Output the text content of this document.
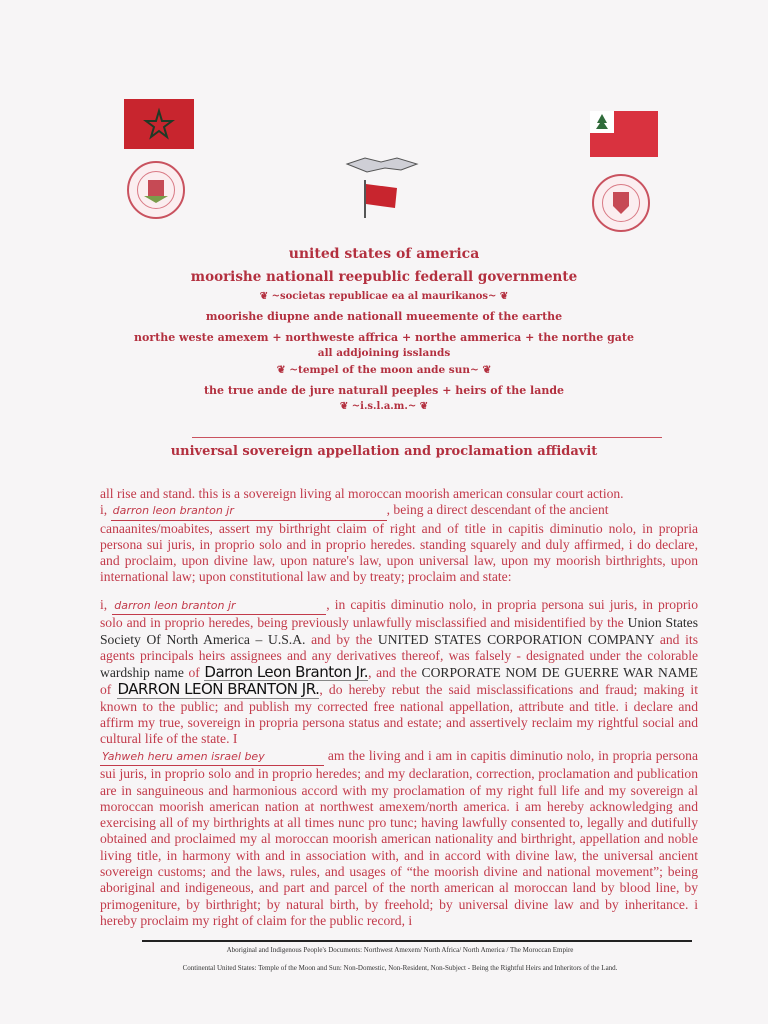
united states of america
moorishe nationall reepublic federall governmente
❦ ~societas republicae ea al maurikanos~ ❦
moorishe diupne ande nationall mueemente of the earthe
northe weste amexem + northweste affrica + northe ammerica + the northe gate
all addjoining isslands
❦ ~tempel of the moon ande sun~ ❦
the true ande de jure naturall peeples + heirs of the lande
❦ ~i.s.l.a.m.~ ❦
universal sovereign appellation and proclamation affidavit
all rise and stand. this is a sovereign living al moroccan moorish american consular court action.
i, darron leon branton jr	, being a direct descendant of the ancient
canaanites/moabites, assert my birthright claim of right and of title in capitis diminutio nolo, in propria persona sui juris, in proprio solo and in proprio heredes. standing squarely and duly affirmed, i do declare, and proclaim, upon divine law, upon nature's law, upon universal law, upon my moorish birthrights, upon international law; upon constitutional law and by treaty; proclaim and state:
i, darron leon branton jr	, in capitis diminutio nolo, in propria persona sui juris, in proprio solo and in proprio heredes, being previously unlawfully misclassified and misidentified by the Union States Society Of North America – U.S.A. and by the UNITED STATES CORPORATION COMPANY and its agents principals heirs assignees and any derivatives thereof, was falsely - designated under the colorable wardship name of Darron Leon Branton Jr., and the CORPORATE NOM DE GUERRE WAR NAME of DARRON LEON BRANTON JR., do hereby rebut the said misclassifications and fraud; making it known to the public; and publish my corrected free national appellation, attribute and title. i declare and affirm my true, sovereign in propria persona status and estate; and assertively reclaim my rightful social and cultural life of the state. I
Yahweh heru amen israel bey	am the living and i am in capitis diminutio nolo, in propria persona sui juris, in proprio solo and in proprio heredes; and my declaration, correction, proclamation and publication are in sanguineous and harmonious accord with my proclamation of my right full life and my sovereign al moroccan moorish american nation at northwest amexem/north america. i am hereby acknowledging and exercising all of my birthrights at all times nunc pro tunc; having lawfully consented to, legally and dutifully obtained and proclaimed my al moroccan moorish american nationality and birthright, appellation and noble living title, in harmony with and in association with, and in accord with divine law, the universal ancient sovereign customs; and the laws, rules, and usages of “the moorish divine and national movement”; being aboriginal and indigeneous, and part and parcel of the north american al moroccan land by blood line, by primogeniture, by birthright; by natural birth, by freehold; by universal divine law and by inheritance. i hereby proclaim my right of claim for the public record, i
Aboriginal and Indigenous People's Documents: Northwest Amexem/ North Africa/ North America / The Moroccan Empire
Continental United States: Temple of the Moon and Sun: Non-Domestic, Non-Resident, Non-Subject - Being the Rightful Heirs and Inheritors of the Land.
